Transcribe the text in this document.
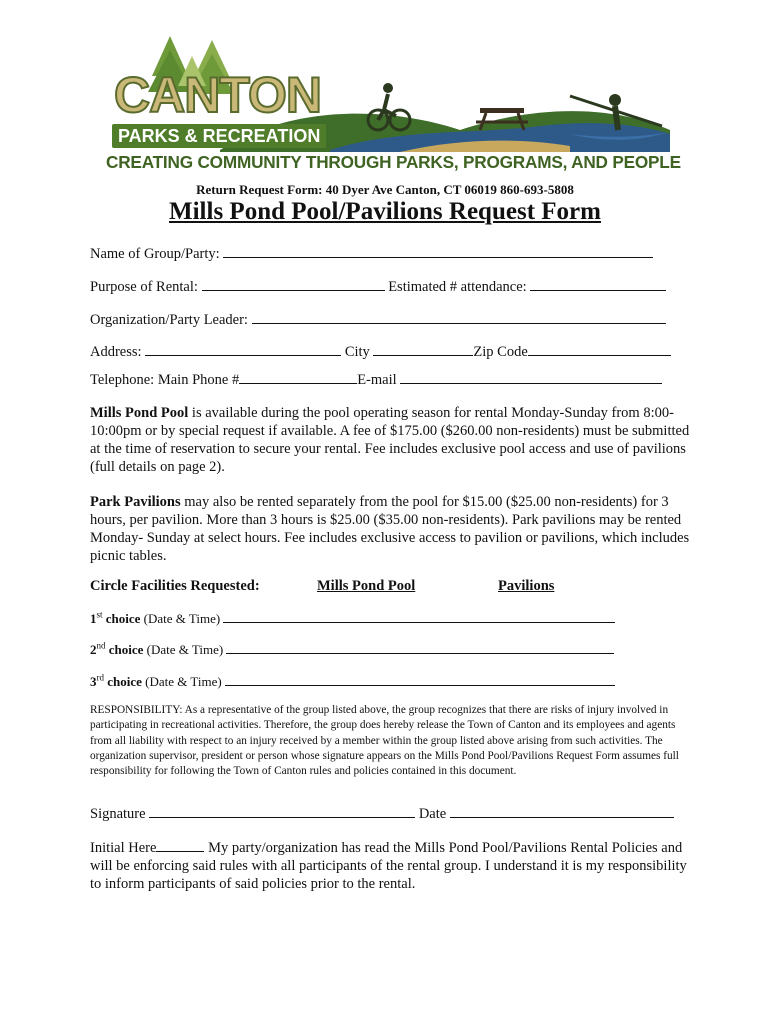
CANTON
PARKS & RECREATION
CREATING COMMUNITY THROUGH PARKS, PROGRAMS, AND PEOPLE
Return Request Form: 40 Dyer Ave Canton, CT 06019 860-693-5808
Mills Pond Pool/Pavilions Request Form
Name of Group/Party:
Purpose of Rental:	Estimated # attendance:
Organization/Party Leader:
Address:	City	Zip Code
Telephone: Main Phone #	E-mail
Mills Pond Pool is available during the pool operating season for rental Monday-Sunday from 8:00-10:00pm or by special request if available. A fee of $175.00 ($260.00 non-residents) must be submitted at the time of reservation to secure your rental. Fee includes exclusive pool access and use of pavilions (full details on page 2).
Park Pavilions may also be rented separately from the pool for $15.00 ($25.00 non-residents) for 3 hours, per pavilion. More than 3 hours is $25.00 ($35.00 non-residents). Park pavilions may be rented Monday- Sunday at select hours. Fee includes exclusive access to pavilion or pavilions, which includes picnic tables.
Circle Facilities Requested:	Mills Pond Pool	Pavilions
1st choice (Date & Time)
2nd choice (Date & Time)
3rd choice (Date & Time)
RESPONSIBILITY: As a representative of the group listed above, the group recognizes that there are risks of injury involved in participating in recreational activities. Therefore, the group does hereby release the Town of Canton and its employees and agents from all liability with respect to an injury received by a member within the group listed above arising from such activities. The organization supervisor, president or person whose signature appears on the Mills Pond Pool/Pavilions Request Form assumes full responsibility for following the Town of Canton rules and policies contained in this document.
Signature	Date
Initial Here	My party/organization has read the Mills Pond Pool/Pavilions Rental Policies and will be enforcing said rules with all participants of the rental group. I understand it is my responsibility to inform participants of said policies prior to the rental.
